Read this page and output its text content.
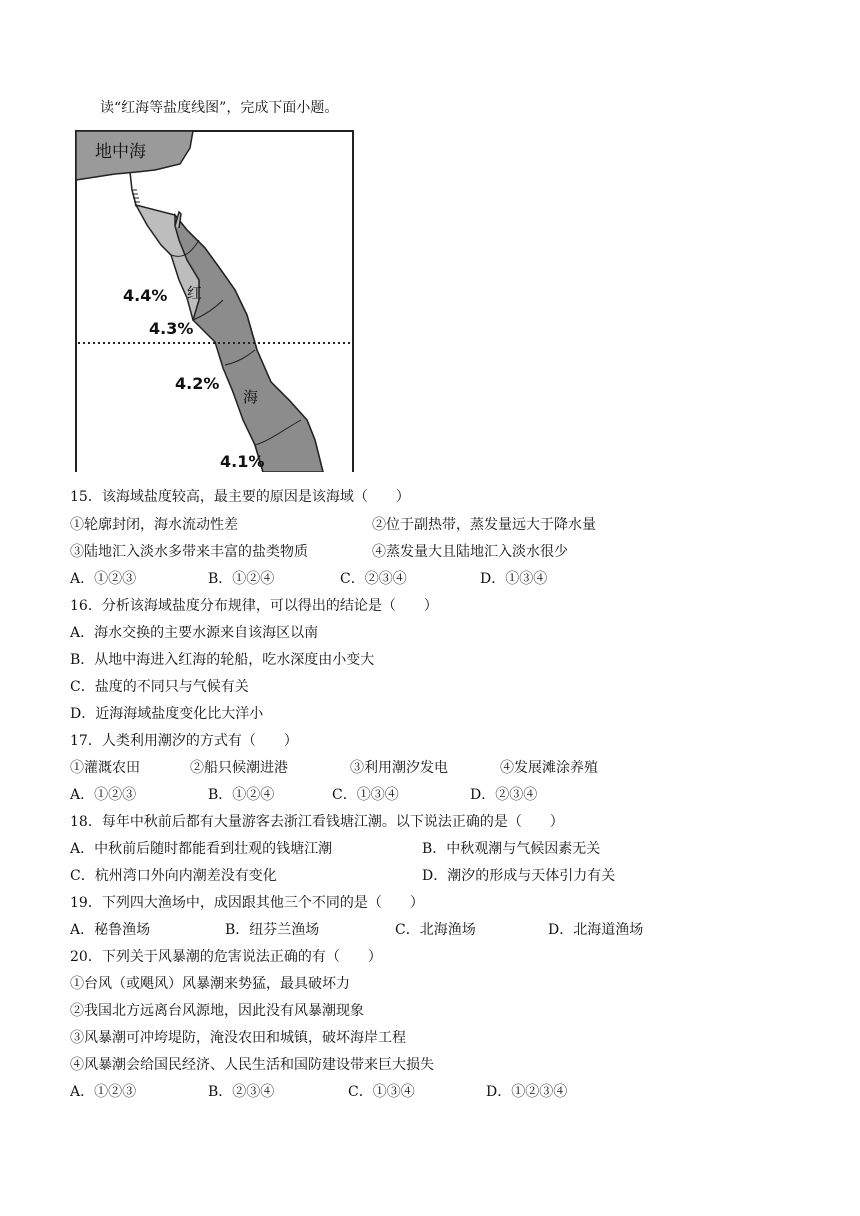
读“红海等盐度线图”，完成下面小题。
地中海
红
海
4.4%
4.3%
4.2%
4.1%
15．该海域盐度较高，最主要的原因是该海域（　　）
①轮廓封闭，海水流动性差	②位于副热带，蒸发量远大于降水量
③陆地汇入淡水多带来丰富的盐类物质	④蒸发量大且陆地汇入淡水很少
A．①②③	B．①②④	C．②③④	D．①③④
16．分析该海域盐度分布规律，可以得出的结论是（　　）
A．海水交换的主要水源来自该海区以南
B．从地中海进入红海的轮船，吃水深度由小变大
C．盐度的不同只与气候有关
D．近海海域盐度变化比大洋小
17．人类利用潮汐的方式有（　　）
①灌溉农田	②船只候潮进港	③利用潮汐发电	④发展滩涂养殖
A．①②③	B．①②④	C．①③④	D．②③④
18．每年中秋前后都有大量游客去浙江看钱塘江潮。以下说法正确的是（　　）
A．中秋前后随时都能看到壮观的钱塘江潮	B．中秋观潮与气候因素无关
C．杭州湾口外向内潮差没有变化	D．潮汐的形成与天体引力有关
19．下列四大渔场中，成因跟其他三个不同的是（　　）
A．秘鲁渔场	B．纽芬兰渔场	C．北海渔场	D．北海道渔场
20．下列关于风暴潮的危害说法正确的有（　　）
①台风（或飓风）风暴潮来势猛，最具破坏力
②我国北方远离台风源地，因此没有风暴潮现象
③风暴潮可冲垮堤防，淹没农田和城镇，破坏海岸工程
④风暴潮会给国民经济、人民生活和国防建设带来巨大损失
A．①②③	B．②③④	C．①③④	D．①②③④
